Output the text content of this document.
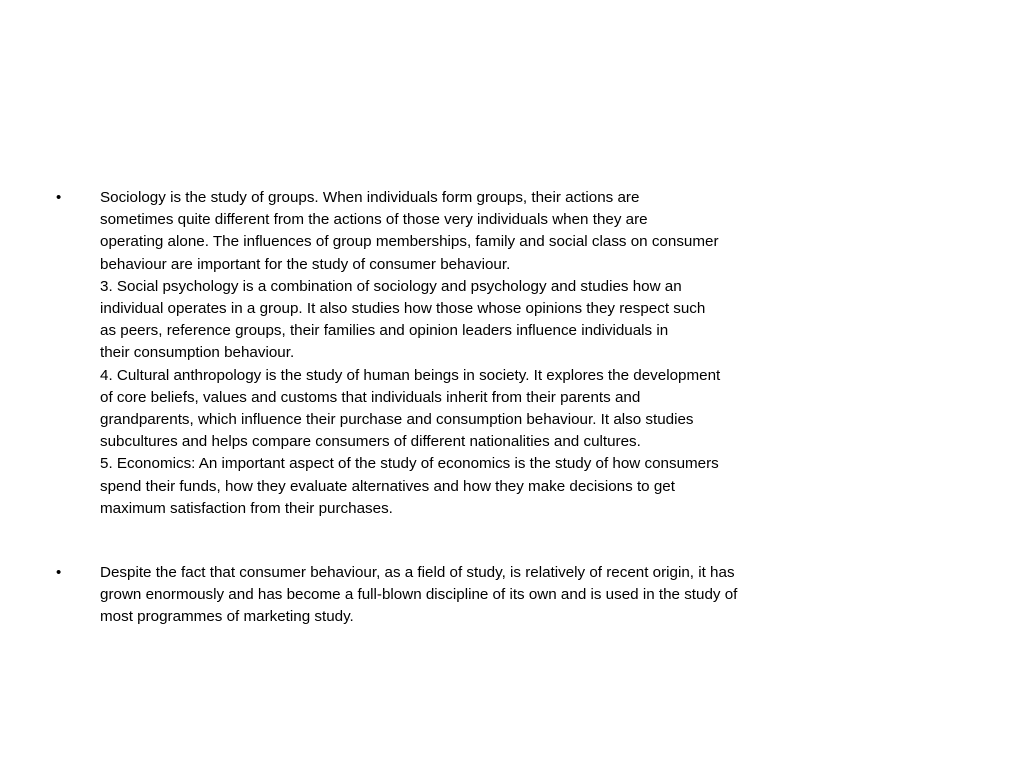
•	Sociology is the study of groups. When individuals form groups, their actions are
sometimes quite different from the actions of those very individuals when they are
operating alone. The influences of group memberships, family and social class on consumer
behaviour are important for the study of consumer behaviour.
3. Social psychology is a combination of sociology and psychology and studies how an
individual operates in a group. It also studies how those whose opinions they respect such
as peers, reference groups, their families and opinion leaders influence individuals in
their consumption behaviour.
4. Cultural anthropology is the study of human beings in society. It explores the development
of core beliefs, values and customs that individuals inherit from their parents and
grandparents, which influence their purchase and consumption behaviour. It also studies
subcultures and helps compare consumers of different nationalities and cultures.
5. Economics: An important aspect of the study of economics is the study of how consumers
spend their funds, how they evaluate alternatives and how they make decisions to get
maximum satisfaction from their purchases.
•	Despite the fact that consumer behaviour, as a field of study, is relatively of recent origin, it has
grown enormously and has become a full-blown discipline of its own and is used in the study of
most programmes of marketing study.
